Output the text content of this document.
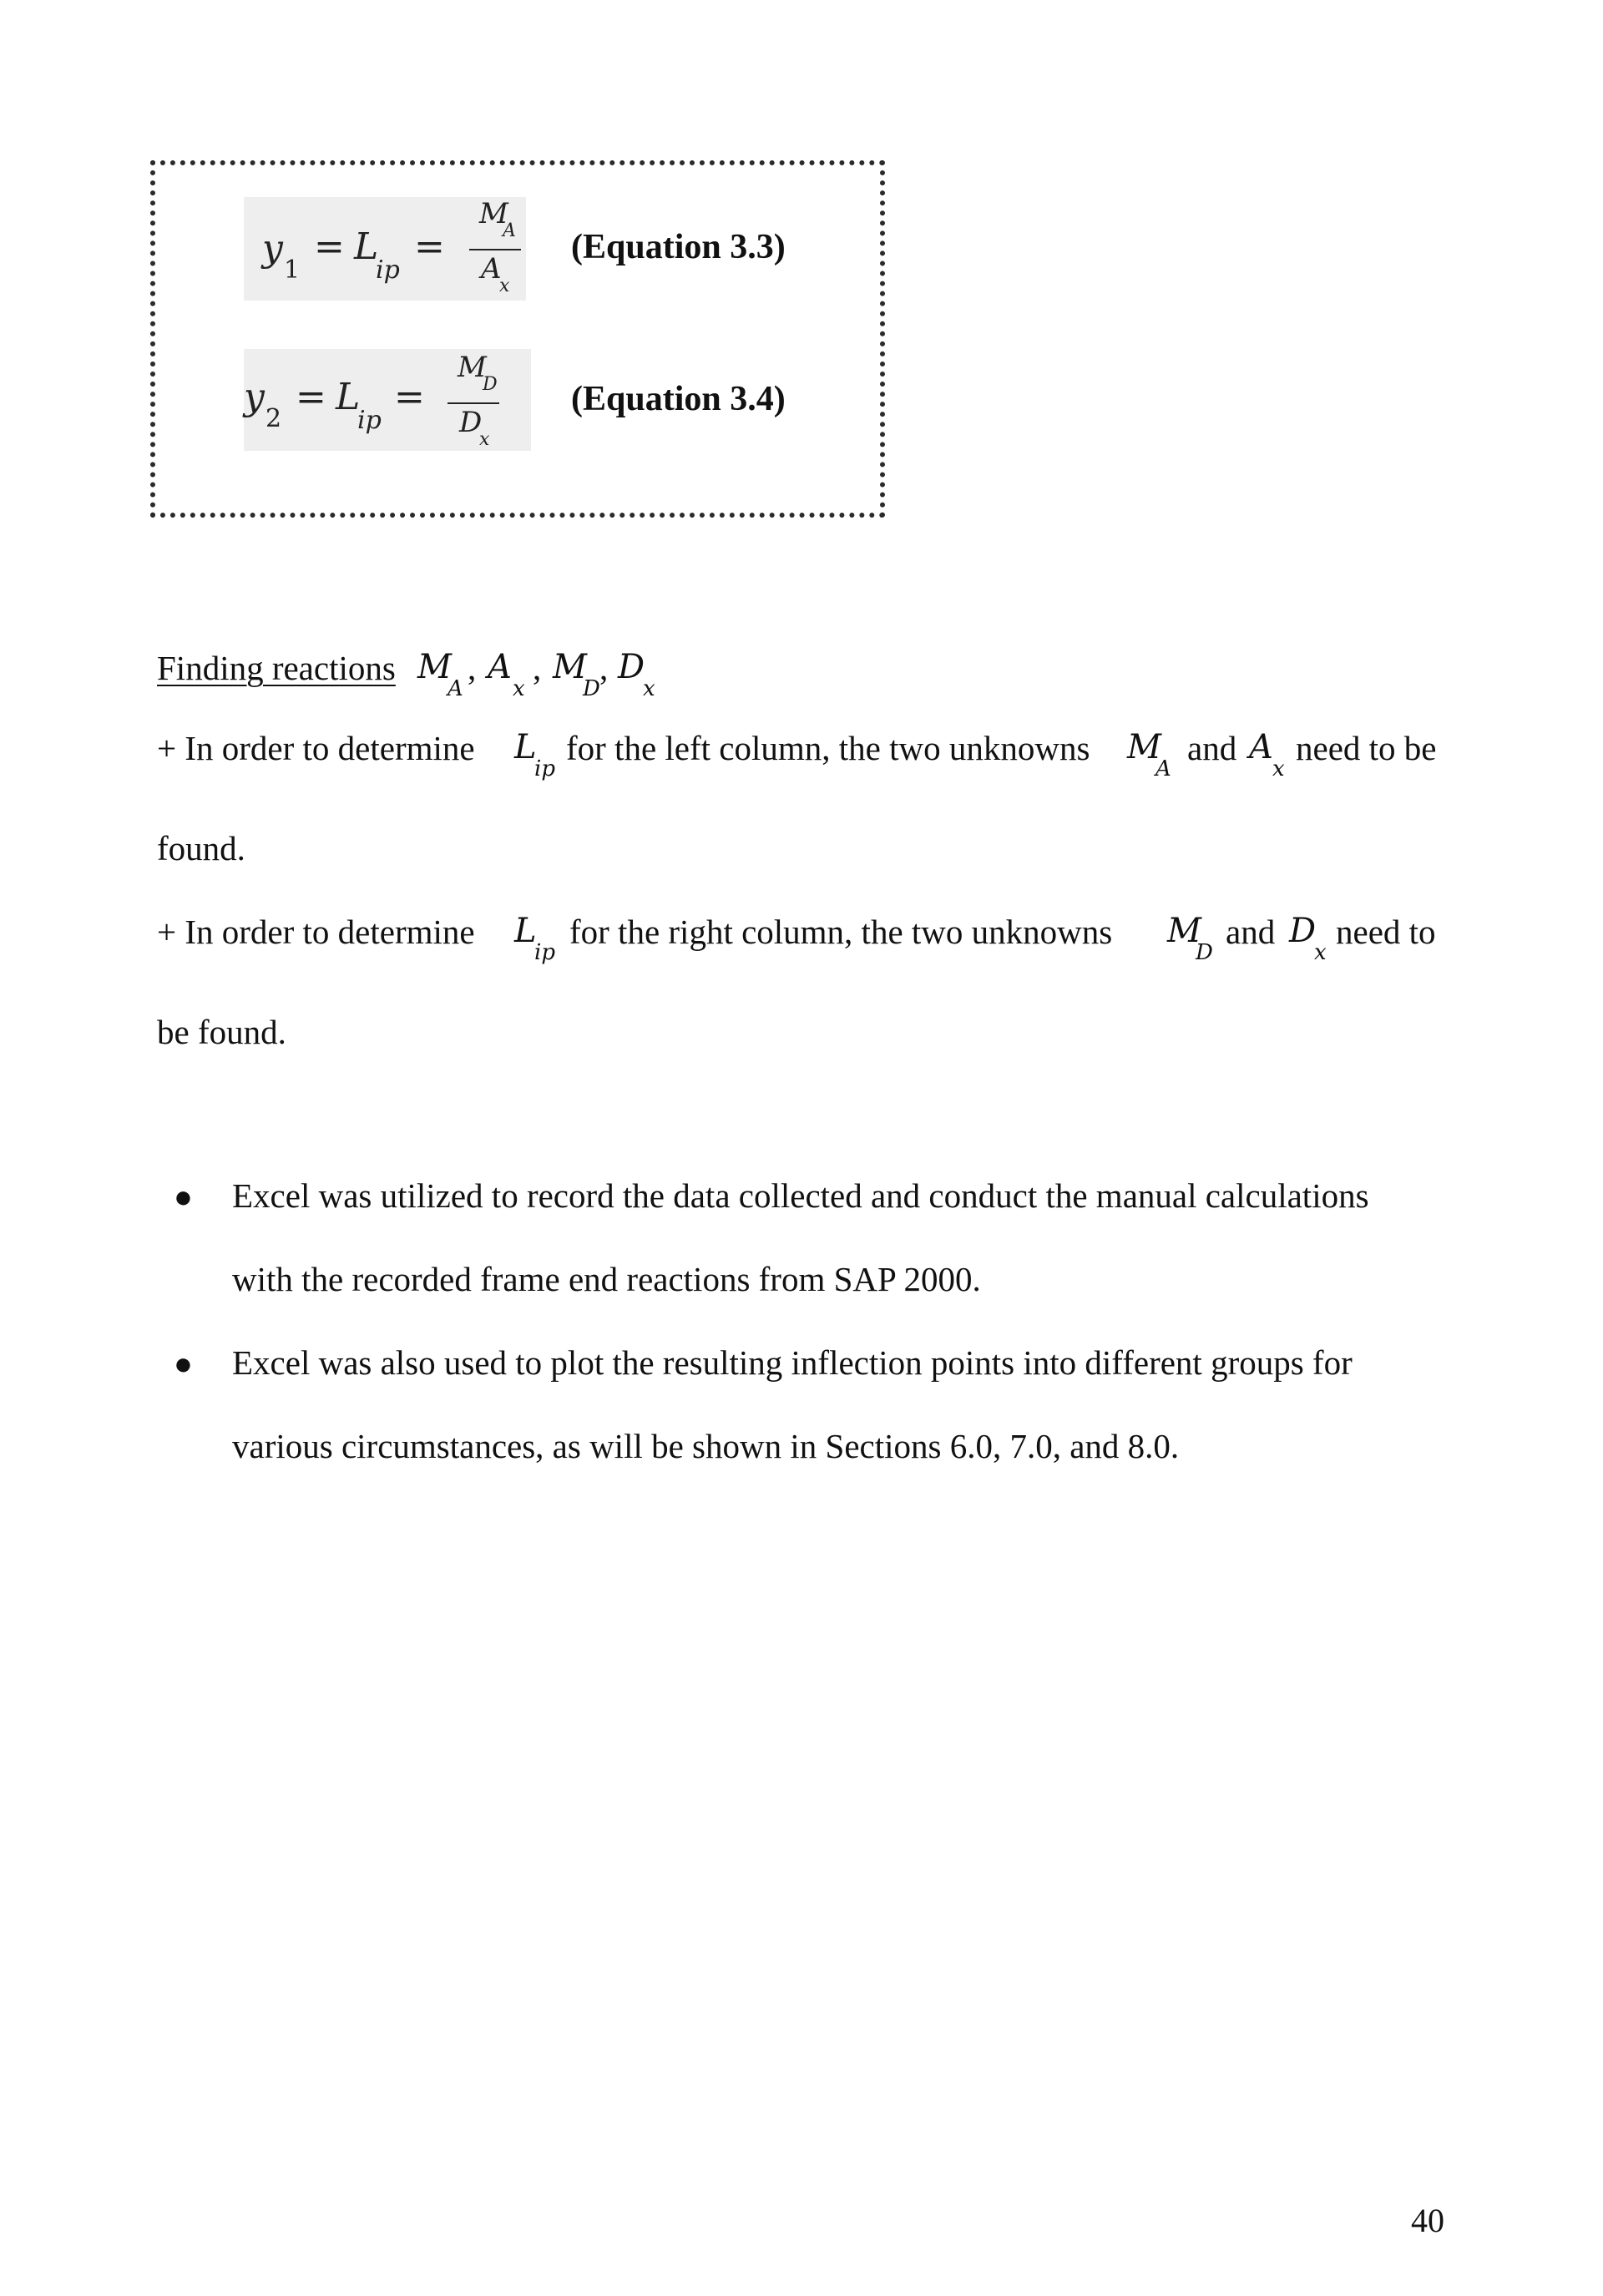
y
1
= L
ip
=
M
A
A
x
(Equation 3.3)
y
2
= L
ip
=
M
D
D
x
(Equation 3.4)
Finding reactions M
A
, A
x
, M
D
, D
x
+ In order to determine L
ip
for the left column, the two unknowns M
A
and A
x
need to be
found.
+ In order to determine L
ip
for the right column, the two unknowns M
D
and D
x
need to
be found.
● Excel was utilized to record the data collected and conduct the manual calculations
with the recorded frame end reactions from SAP 2000.
● Excel was also used to plot the resulting inflection points into different groups for
various circumstances, as will be shown in Sections 6.0, 7.0, and 8.0.
40
